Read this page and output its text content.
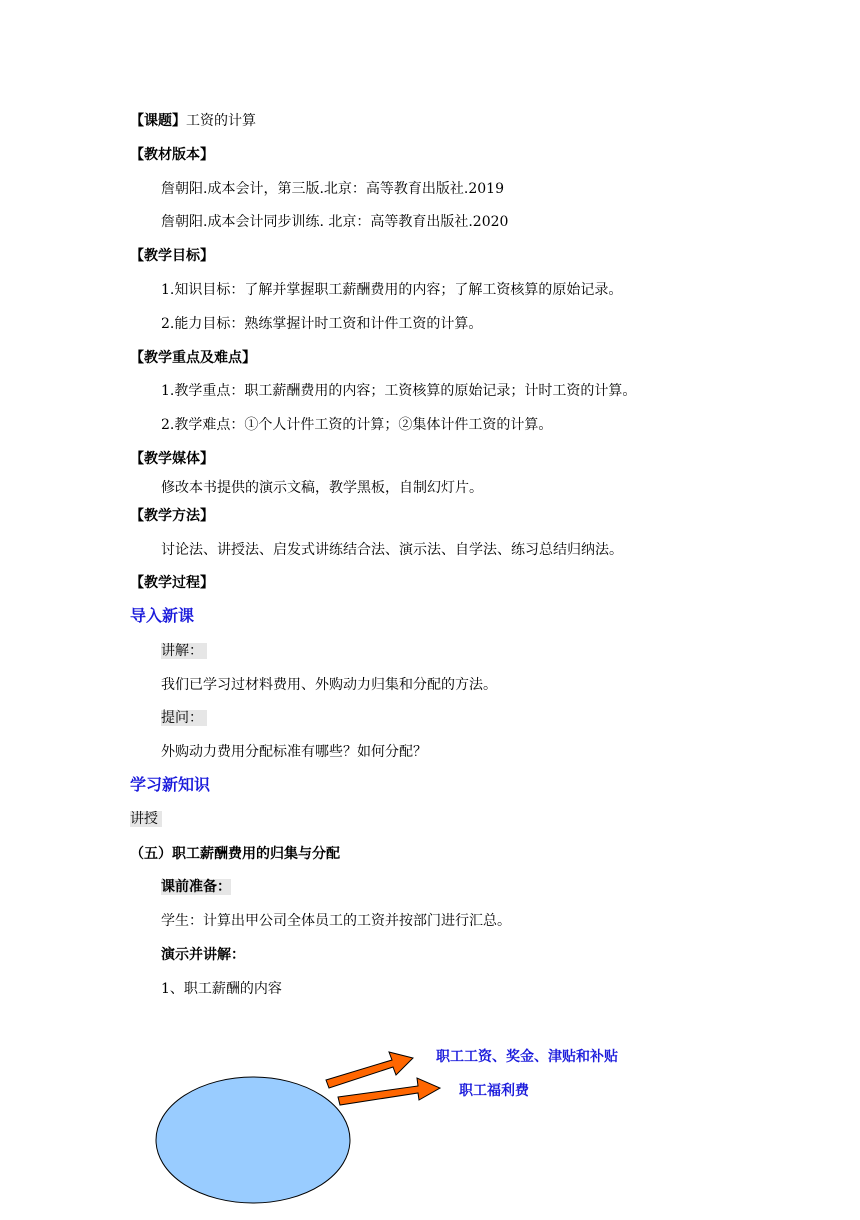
【课题】工资的计算
【教材版本】
詹朝阳.成本会计，第三版.北京：高等教育出版社.2019
詹朝阳.成本会计同步训练. 北京：高等教育出版社.2020
【教学目标】
1.知识目标：了解并掌握职工薪酬费用的内容；了解工资核算的原始记录。
2.能力目标：熟练掌握计时工资和计件工资的计算。
【教学重点及难点】
1.教学重点：职工薪酬费用的内容；工资核算的原始记录；计时工资的计算。
2.教学难点：①个人计件工资的计算；②集体计件工资的计算。
【教学媒体】
修改本书提供的演示文稿，教学黑板，自制幻灯片。
【教学方法】
讨论法、讲授法、启发式讲练结合法、演示法、自学法、练习总结归纳法。
【教学过程】
导入新课
讲解：
我们已学习过材料费用、外购动力归集和分配的方法。
提问：
外购动力费用分配标准有哪些？如何分配？
学习新知识
讲授
（五）职工薪酬费用的归集与分配
课前准备：
学生：计算出甲公司全体员工的工资并按部门进行汇总。
演示并讲解：
1、职工薪酬的内容
职工工资、奖金、津贴和补贴
职工福利费
